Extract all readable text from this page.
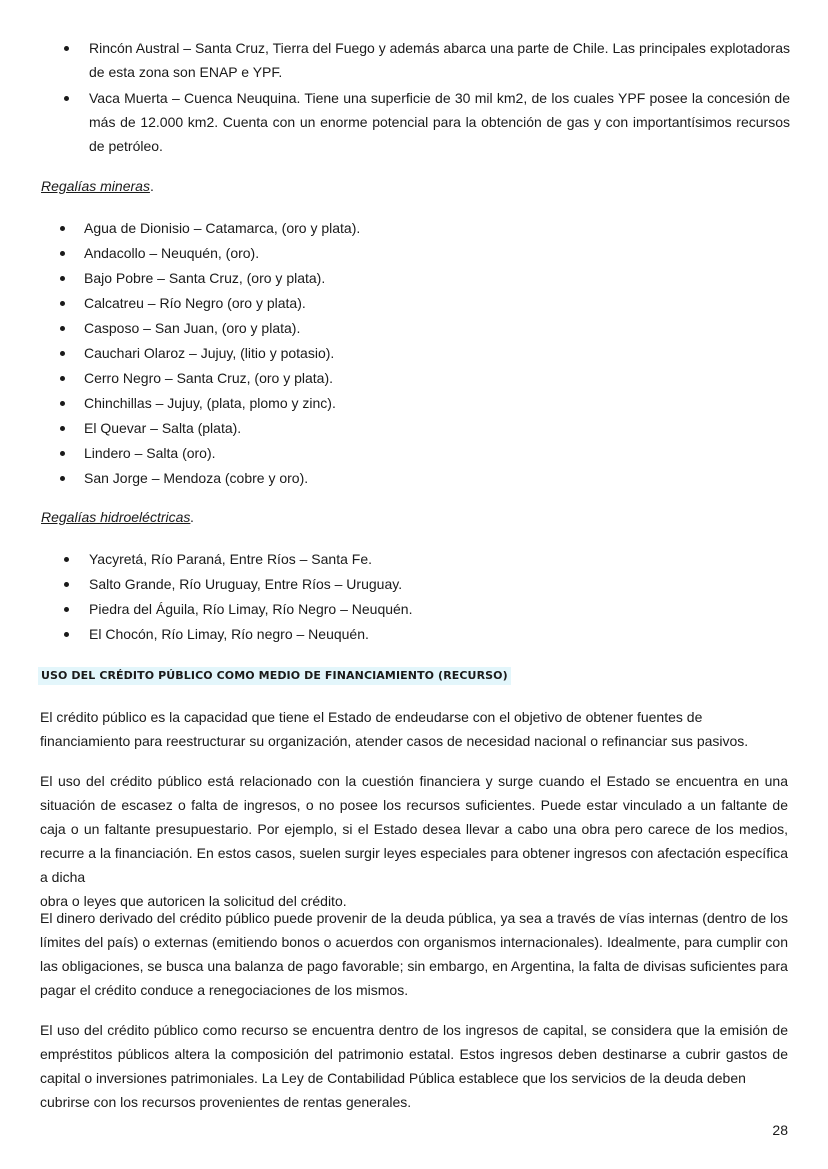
Rincón Austral – Santa Cruz, Tierra del Fuego y además abarca una parte de Chile. Las principales explotadoras de esta zona son ENAP e YPF.
Vaca Muerta – Cuenca Neuquina. Tiene una superficie de 30 mil km2, de los cuales YPF posee la concesión de más de 12.000 km2. Cuenta con un enorme potencial para la obtención de gas y con importantísimos recursos de petróleo.
Regalías mineras .
Agua de Dionisio – Catamarca, (oro y plata).
Andacollo – Neuquén, (oro).
Bajo Pobre – Santa Cruz, (oro y plata).
Calcatreu – Río Negro (oro y plata).
Casposo – San Juan, (oro y plata).
Cauchari Olaroz – Jujuy, (litio y potasio).
Cerro Negro – Santa Cruz, (oro y plata).
Chinchillas – Jujuy, (plata, plomo y zinc).
El Quevar – Salta (plata).
Lindero – Salta (oro).
San Jorge – Mendoza (cobre y oro).
Regalías hidroeléctricas .
Yacyretá, Río Paraná, Entre Ríos – Santa Fe.
Salto Grande, Río Uruguay, Entre Ríos – Uruguay.
Piedra del Águila, Río Limay, Río Negro – Neuquén.
El Chocón, Río Limay, Río negro – Neuquén.
USO DEL CRÉDITO PÚBLICO COMO MEDIO DE FINANCIAMIENTO (RECURSO)
El crédito público es la capacidad que tiene el Estado de endeudarse con el objetivo de obtener fuentes de
financiamiento para reestructurar su organización, atender casos de necesidad nacional o refinanciar sus pasivos.
El uso del crédito público está relacionado con la cuestión financiera y surge cuando el Estado se encuentra en una situación de escasez o falta de ingresos, o no posee los recursos suficientes. Puede estar vinculado a un faltante de caja o un faltante presupuestario. Por ejemplo, si el Estado desea llevar a cabo una obra pero carece de los medios, recurre a la financiación. En estos casos, suelen surgir leyes especiales para obtener ingresos con afectación específica a dicha
obra o leyes que autoricen la solicitud del crédito.
El dinero derivado del crédito público puede provenir de la deuda pública, ya sea a través de vías internas (dentro de los límites del país) o externas (emitiendo bonos o acuerdos con organismos internacionales). Idealmente, para cumplir con las obligaciones, se busca una balanza de pago favorable; sin embargo, en Argentina, la falta de divisas suficientes para
pagar el crédito conduce a renegociaciones de los mismos.
El uso del crédito público como recurso se encuentra dentro de los ingresos de capital, se considera que la emisión de empréstitos públicos altera la composición del patrimonio estatal. Estos ingresos deben destinarse a cubrir gastos de capital o inversiones patrimoniales. La Ley de Contabilidad Pública establece que los servicios de la deuda deben
cubrirse con los recursos provenientes de rentas generales.
28
